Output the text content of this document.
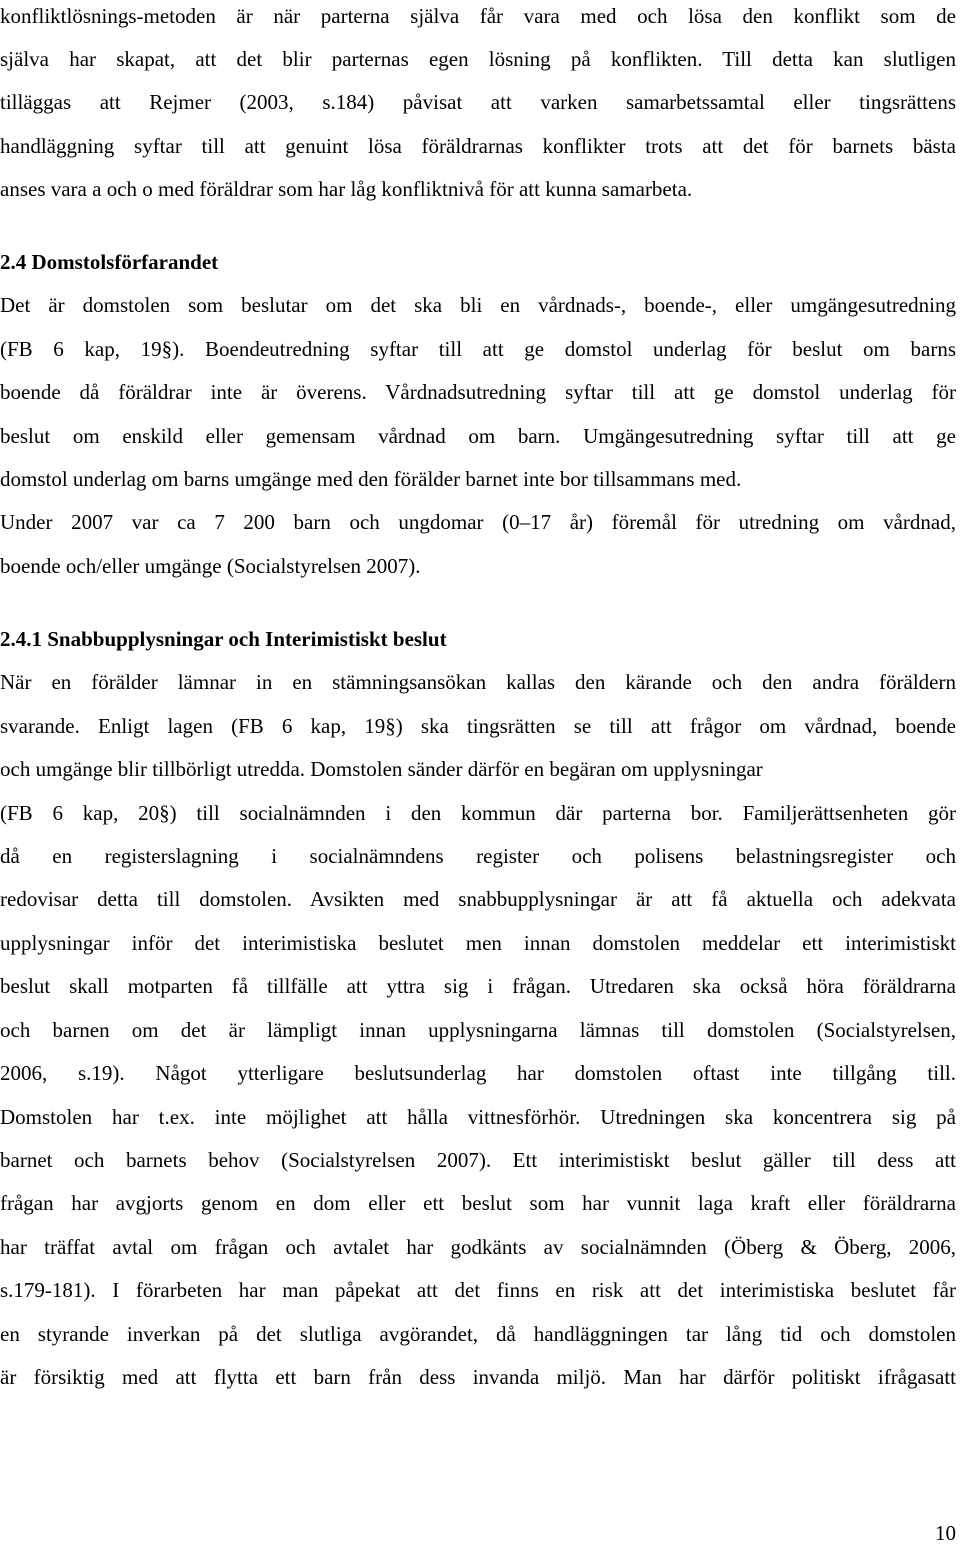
konfliktlösnings-metoden är när parterna själva får vara med och lösa den konflikt som de
själva har skapat, att det blir parternas egen lösning på konflikten. Till detta kan slutligen
tilläggas att Rejmer (2003, s.184) påvisat att varken samarbetssamtal eller tingsrättens
handläggning syftar till att genuint lösa föräldrarnas konflikter trots att det för barnets bästa
anses vara a och o med föräldrar som har låg konfliktnivå för att kunna samarbeta.
2.4 Domstolsförfarandet
Det är domstolen som beslutar om det ska bli en vårdnads-, boende-, eller umgängesutredning
(FB 6 kap, 19§). Boendeutredning syftar till att ge domstol underlag för beslut om barns
boende då föräldrar inte är överens. Vårdnadsutredning syftar till att ge domstol underlag för
beslut om enskild eller gemensam vårdnad om barn. Umgängesutredning syftar till att ge
domstol underlag om barns umgänge med den förälder barnet inte bor tillsammans med.
Under 2007 var ca 7 200 barn och ungdomar (0–17 år) föremål för utredning om vårdnad,
boende och/eller umgänge (Socialstyrelsen 2007).
2.4.1 Snabbupplysningar och Interimistiskt beslut
När en förälder lämnar in en stämningsansökan kallas den kärande och den andra föräldern
svarande. Enligt lagen (FB 6 kap, 19§) ska tingsrätten se till att frågor om vårdnad, boende
och umgänge blir tillbörligt utredda. Domstolen sänder därför en begäran om upplysningar
(FB 6 kap, 20§) till socialnämnden i den kommun där parterna bor. Familjerättsenheten gör
då en registerslagning i socialnämndens register och polisens belastningsregister och
redovisar detta till domstolen. Avsikten med snabbupplysningar är att få aktuella och adekvata
upplysningar inför det interimistiska beslutet men innan domstolen meddelar ett interimistiskt
beslut skall motparten få tillfälle att yttra sig i frågan. Utredaren ska också höra föräldrarna
och barnen om det är lämpligt innan upplysningarna lämnas till domstolen (Socialstyrelsen,
2006, s.19). Något ytterligare beslutsunderlag har domstolen oftast inte tillgång till.
Domstolen har t.ex. inte möjlighet att hålla vittnesförhör. Utredningen ska koncentrera sig på
barnet och barnets behov (Socialstyrelsen 2007). Ett interimistiskt beslut gäller till dess att
frågan har avgjorts genom en dom eller ett beslut som har vunnit laga kraft eller föräldrarna
har träffat avtal om frågan och avtalet har godkänts av socialnämnden (Öberg & Öberg, 2006,
s.179-181). I förarbeten har man påpekat att det finns en risk att det interimistiska beslutet får
en styrande inverkan på det slutliga avgörandet, då handläggningen tar lång tid och domstolen
är försiktig med att flytta ett barn från dess invanda miljö. Man har därför politiskt ifrågasatt
10
